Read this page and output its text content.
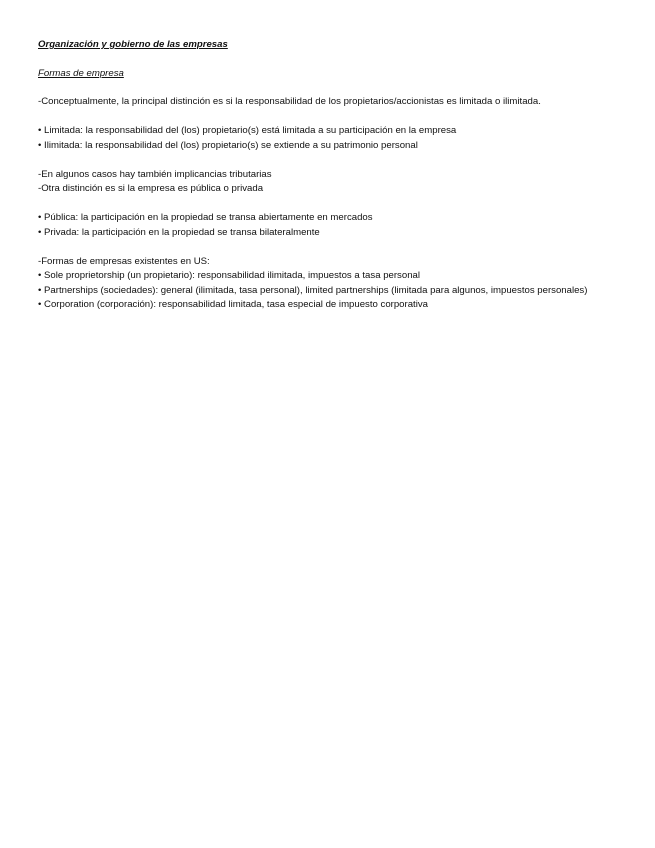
Organización y gobierno de las empresas

Formas de empresa

-Conceptualmente, la principal distinción es si la responsabilidad de los propietarios/accionistas es limitada o ilimitada.

• Limitada: la responsabilidad del (los) propietario(s) está limitada a su participación en la empresa

• Ilimitada: la responsabilidad del (los) propietario(s) se extiende a su patrimonio personal

-En algunos casos hay también implicancias tributarias

-Otra distinción es si la empresa es pública o privada

• Pública: la participación en la propiedad se transa abiertamente en mercados

• Privada: la participación en la propiedad se transa bilateralmente

-Formas de empresas existentes en US:

• Sole proprietorship (un propietario): responsabilidad ilimitada, impuestos a tasa personal

• Partnerships (sociedades): general (ilimitada, tasa personal), limited partnerships (limitada para algunos, impuestos personales)

• Corporation (corporación): responsabilidad limitada, tasa especial de impuesto corporativa
